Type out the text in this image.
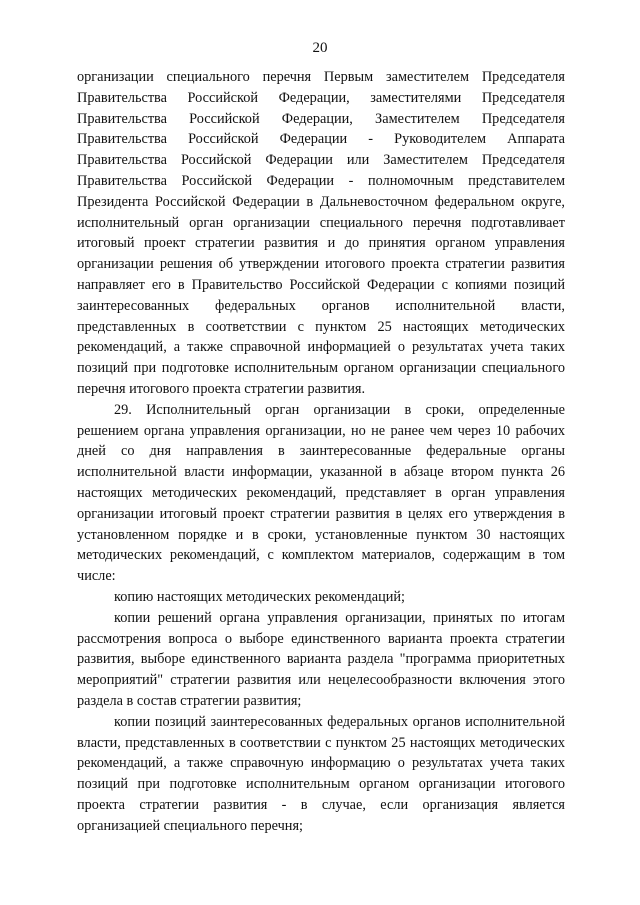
20

организации специального перечня Первым заместителем Председателя Правительства Российской Федерации, заместителями Председателя Правительства Российской Федерации, Заместителем Председателя Правительства Российской Федерации - Руководителем Аппарата Правительства Российской Федерации или Заместителем Председателя Правительства Российской Федерации - полномочным представителем Президента Российской Федерации в Дальневосточном федеральном округе, исполнительный орган организации специального перечня подготавливает итоговый проект стратегии развития и до принятия органом управления организации решения об утверждении итогового проекта стратегии развития направляет его в Правительство Российской Федерации с копиями позиций заинтересованных федеральных органов исполнительной власти, представленных в соответствии с пунктом 25 настоящих методических рекомендаций, а также справочной информацией о результатах учета таких позиций при подготовке исполнительным органом организации специального перечня итогового проекта стратегии развития.

29. Исполнительный орган организации в сроки, определенные решением органа управления организации, но не ранее чем через 10 рабочих дней со дня направления в заинтересованные федеральные органы исполнительной власти информации, указанной в абзаце втором пункта 26 настоящих методических рекомендаций, представляет в орган управления организации итоговый проект стратегии развития в целях его утверждения в установленном порядке и в сроки, установленные пунктом 30 настоящих методических рекомендаций, с комплектом материалов, содержащим в том числе:

копию настоящих методических рекомендаций;

копии решений органа управления организации, принятых по итогам рассмотрения вопроса о выборе единственного варианта проекта стратегии развития, выборе единственного варианта раздела "программа приоритетных мероприятий" стратегии развития или нецелесообразности включения этого раздела в состав стратегии развития;

копии позиций заинтересованных федеральных органов исполнительной власти, представленных в соответствии с пунктом 25 настоящих методических рекомендаций, а также справочную информацию о результатах учета таких позиций при подготовке исполнительным органом организации итогового проекта стратегии развития - в случае, если организация является организацией специального перечня;
